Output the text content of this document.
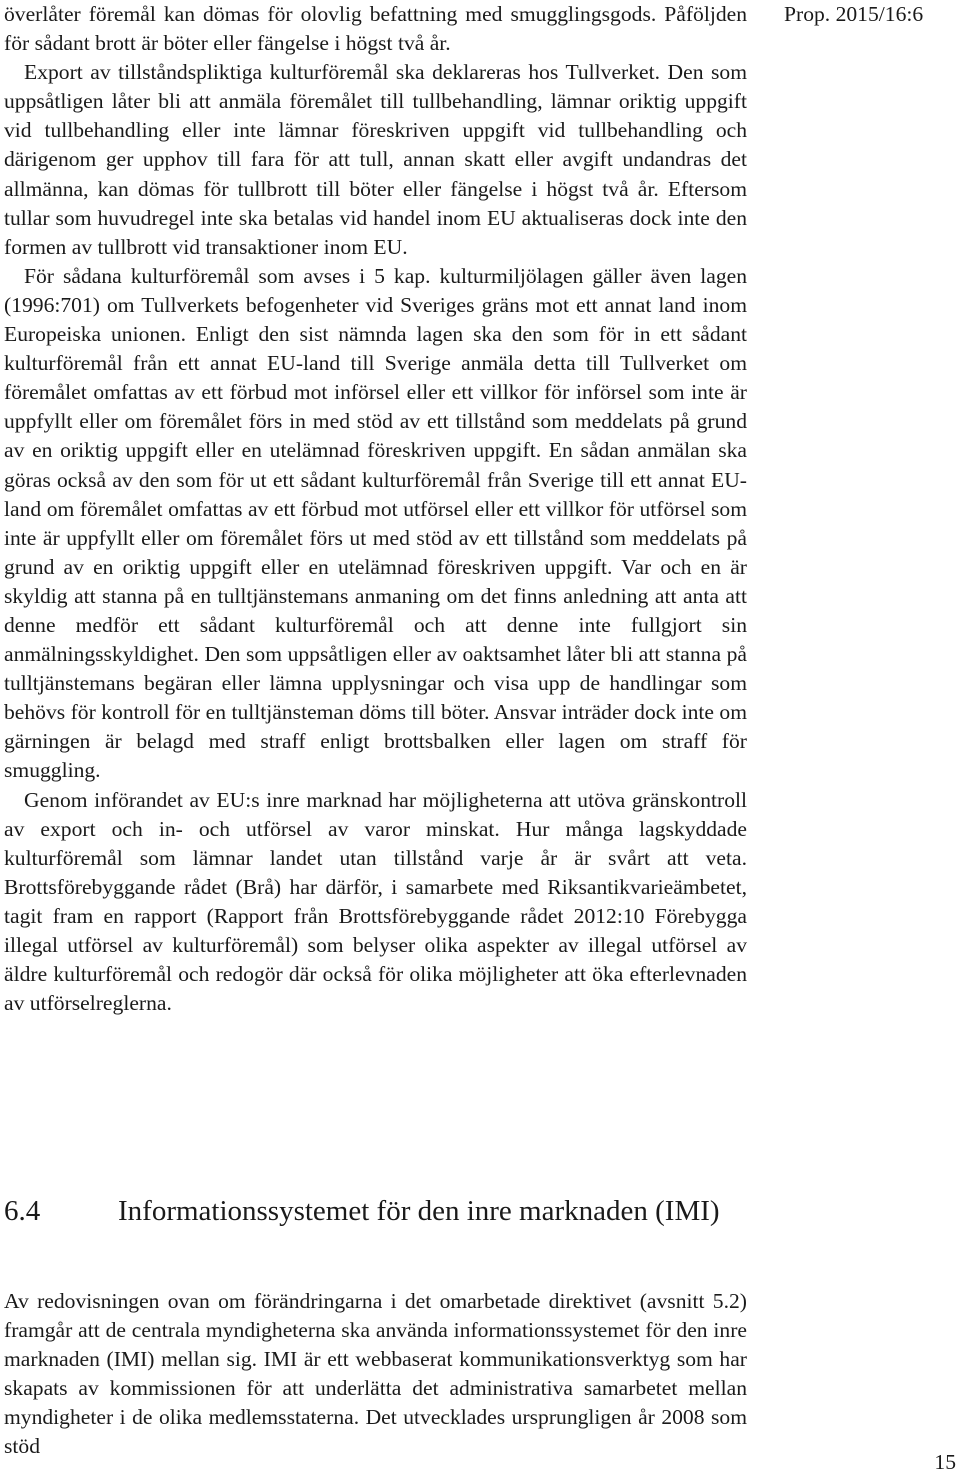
Prop. 2015/16:6

överlåter föremål kan dömas för olovlig befattning med smugglingsgods. Påföljden för sådant brott är böter eller fängelse i högst två år.

Export av tillståndspliktiga kulturföremål ska deklareras hos Tullverket. Den som uppsåtligen låter bli att anmäla föremålet till tullbehandling, lämnar oriktig uppgift vid tullbehandling eller inte lämnar föreskriven uppgift vid tullbehandling och därigenom ger upphov till fara för att tull, annan skatt eller avgift undandras det allmänna, kan dömas för tullbrott till böter eller fängelse i högst två år. Eftersom tullar som huvudregel inte ska betalas vid handel inom EU aktualiseras dock inte den formen av tullbrott vid transaktioner inom EU.

För sådana kulturföremål som avses i 5 kap. kulturmiljölagen gäller även lagen (1996:701) om Tullverkets befogenheter vid Sveriges gräns mot ett annat land inom Europeiska unionen. Enligt den sist nämnda lagen ska den som för in ett sådant kulturföremål från ett annat EU-land till Sverige anmäla detta till Tullverket om föremålet omfattas av ett förbud mot införsel eller ett villkor för införsel som inte är uppfyllt eller om föremålet förs in med stöd av ett tillstånd som meddelats på grund av en oriktig uppgift eller en utelämnad föreskriven uppgift. En sådan anmälan ska göras också av den som för ut ett sådant kulturföremål från Sverige till ett annat EU-land om föremålet omfattas av ett förbud mot utförsel eller ett villkor för utförsel som inte är uppfyllt eller om föremålet förs ut med stöd av ett tillstånd som meddelats på grund av en oriktig uppgift eller en utelämnad föreskriven uppgift. Var och en är skyldig att stanna på en tulltjänstemans anmaning om det finns anledning att anta att denne medför ett sådant kulturföremål och att denne inte fullgjort sin anmälningsskyldighet. Den som uppsåtligen eller av oaktsamhet låter bli att stanna på tulltjänstemans begäran eller lämna upplysningar och visa upp de handlingar som behövs för kontroll för en tulltjänsteman döms till böter. Ansvar inträder dock inte om gärningen är belagd med straff enligt brottsbalken eller lagen om straff för smuggling.

Genom införandet av EU:s inre marknad har möjligheterna att utöva gränskontroll av export och in- och utförsel av varor minskat. Hur många lagskyddade kulturföremål som lämnar landet utan tillstånd varje år är svårt att veta. Brottsförebyggande rådet (Brå) har därför, i samarbete med Riksantikvarieämbetet, tagit fram en rapport (Rapport från Brottsförebyggande rådet 2012:10 Förebygga illegal utförsel av kulturföremål) som belyser olika aspekter av illegal utförsel av äldre kulturföremål och redogör där också för olika möjligheter att öka efterlevnaden av utförselreglerna.

6.4	Informationssystemet för den inre marknaden (IMI)

Av redovisningen ovan om förändringarna i det omarbetade direktivet (avsnitt 5.2) framgår att de centrala myndigheterna ska använda informationssystemet för den inre marknaden (IMI) mellan sig. IMI är ett webbaserat kommunikationsverktyg som har skapats av kommissionen för att underlätta det administrativa samarbetet mellan myndigheter i de olika medlemsstaterna. Det utvecklades ursprungligen år 2008 som stöd

15
